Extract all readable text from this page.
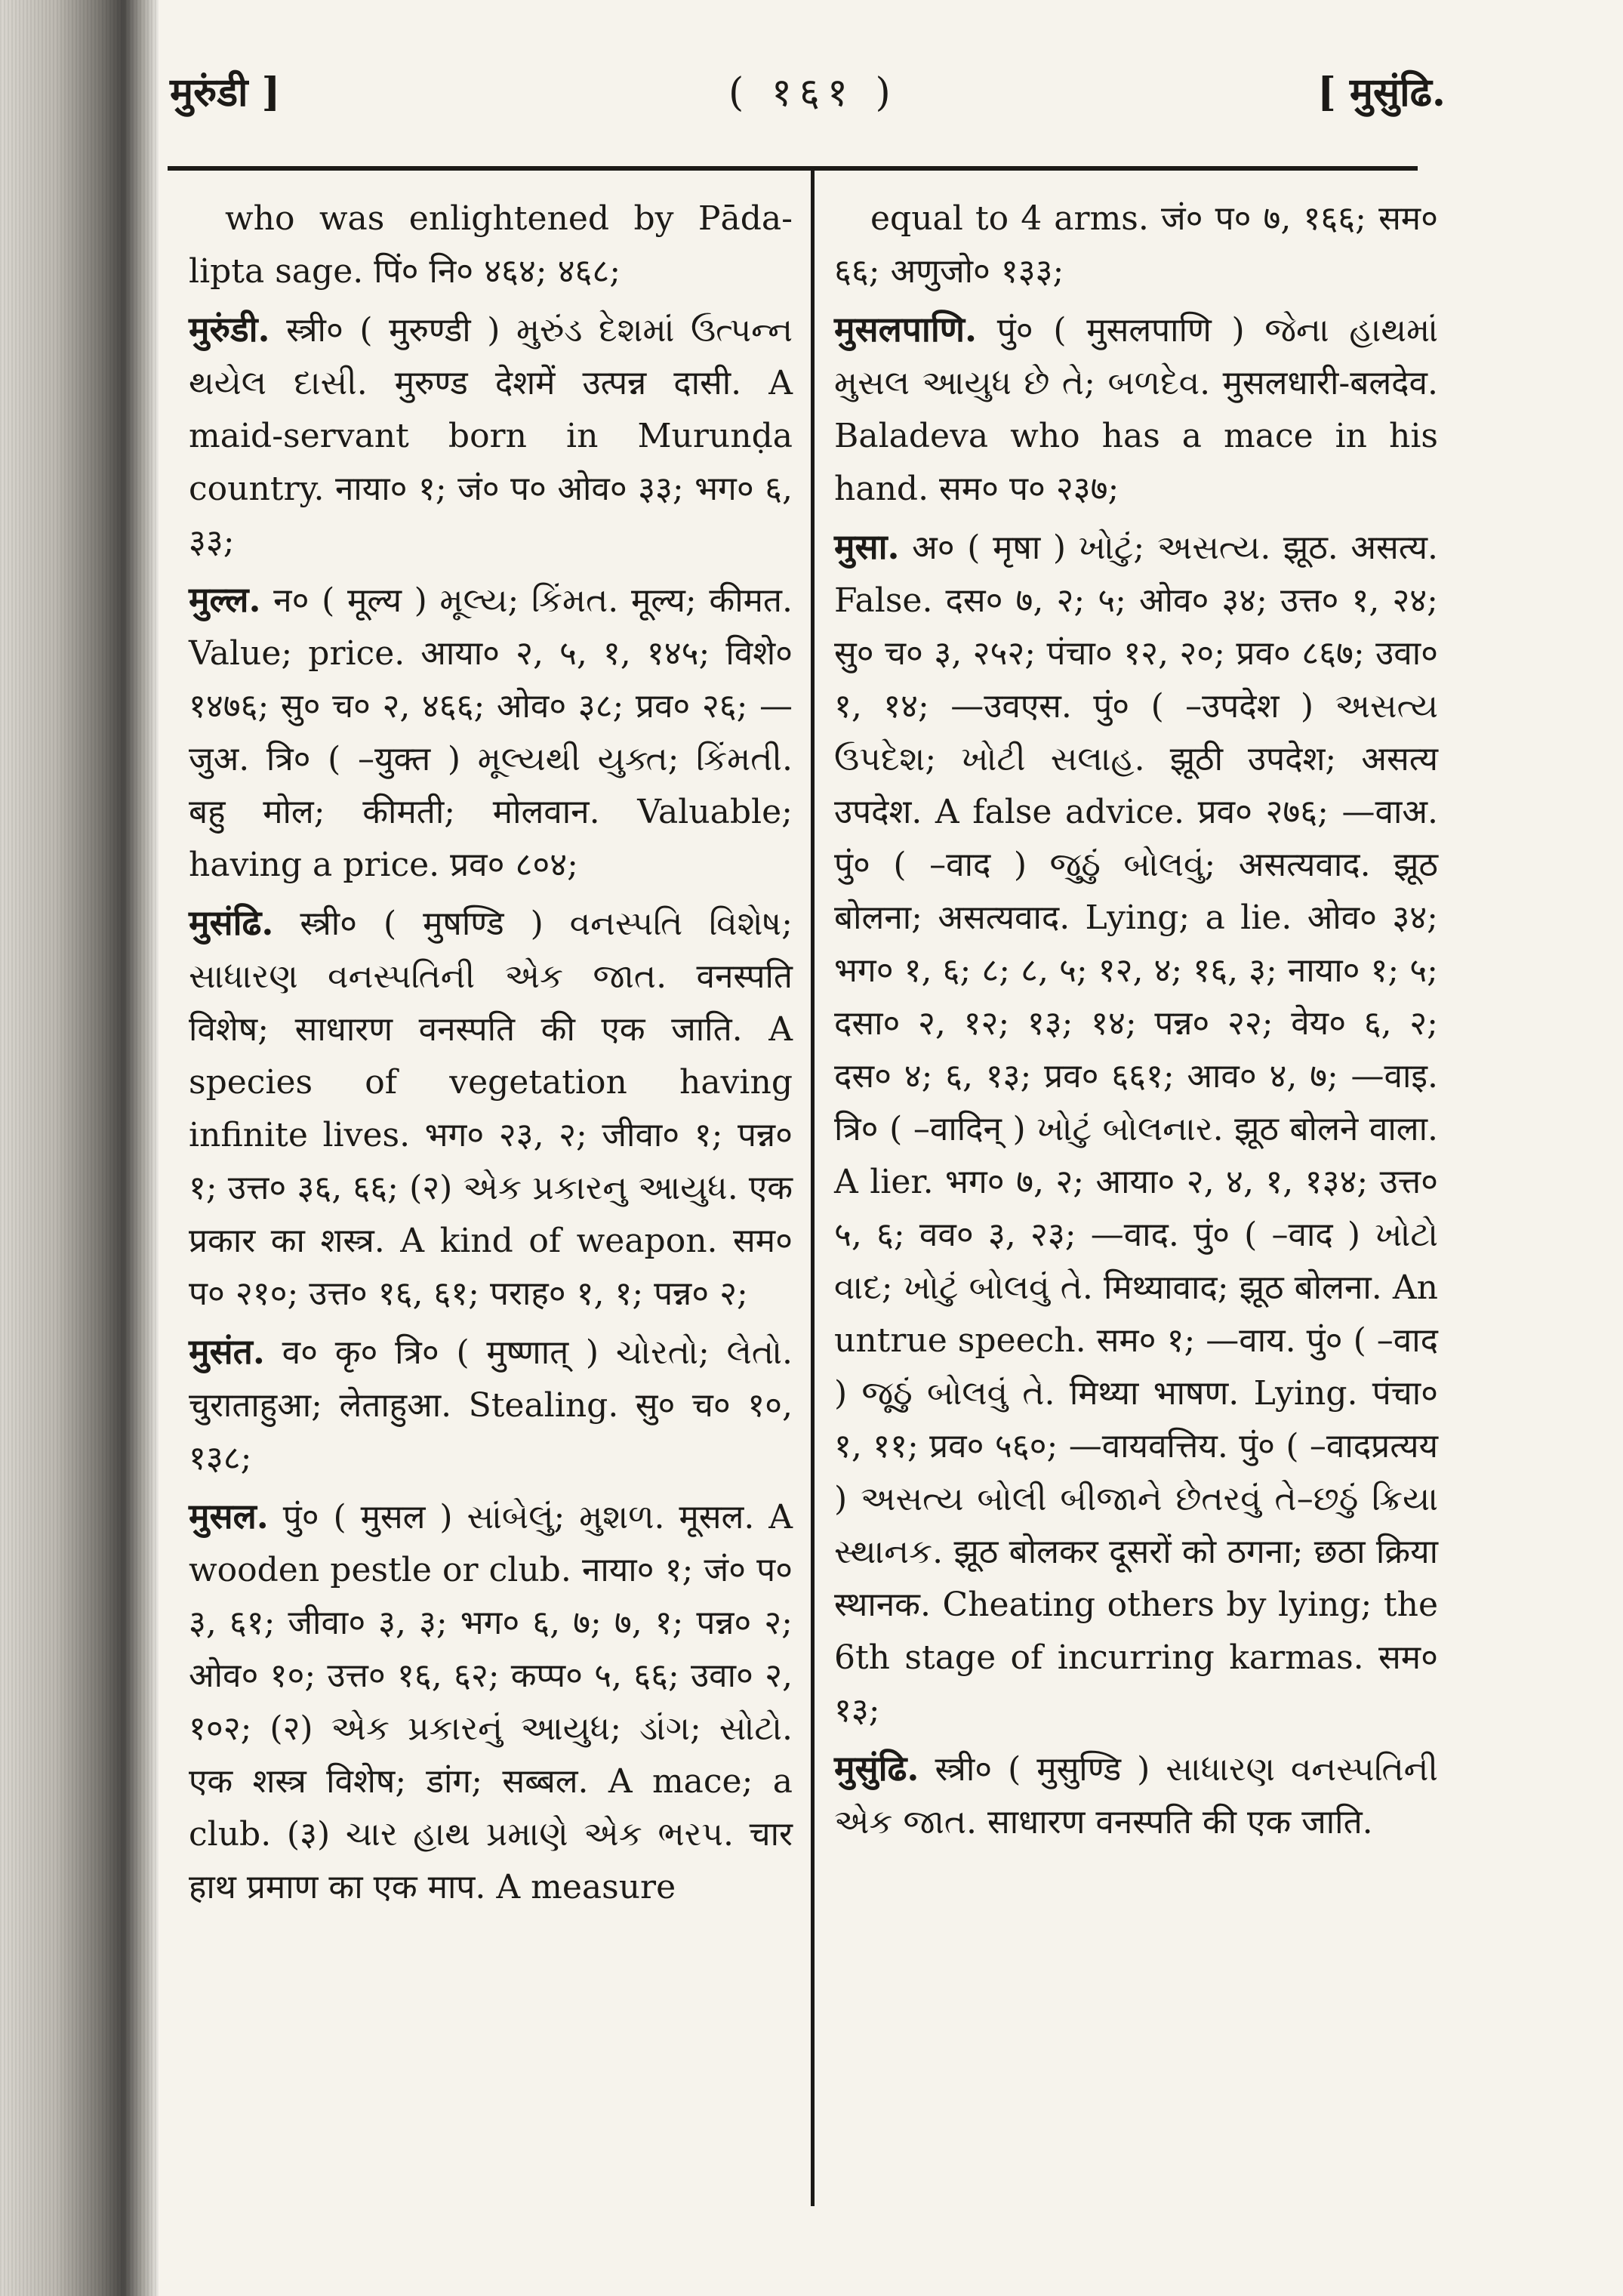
मुरुंडी ]	( १६१ )	[ मुसुंढि.

who was enlightened by Pāda-lipta sage. पिं० नि० ४६४; ४६८;

मुरुंडी. स्त्री० ( मुरुण्डी ) મુરુંડ દેશમાં ઉત્પન્ન થયેલ દાસી. मुरुण्ड देशमें उत्पन्न दासी. A maid-servant born in Murunḍa country. नाया० १; जं० प० ओव० ३३; भग० ६, ३३;

मुल्ल. न० ( मूल्य ) મૂલ્ય; કિંમત. मूल्य; कीमत. Value; price. आया० २, ५, १, १४५; विशे० १४७६; सु० च० २, ४६६; ओव० ३८; प्रव० २६; —जुअ. त्रि० ( –युक्त ) મૂલ્યથી યુક્ત; કિંમતી. बहु मोल; कीमती; मोलवान. Valuable; having a price. प्रव० ८०४;

मुसंढि. स्त्री० ( मुषण्डि ) વનસ્પતિ વિશેષ; સાધારણ વનસ્પતિની એક જાત. वनस्पति विशेष; साधारण वनस्पति की एक जाति. A species of vegetation having infinite lives. भग० २३, २; जीवा० १; पन्न० १; उत्त० ३६, ६६; (२) એક પ્રકારનુ આયુધ. एक प्रकार का शस्त्र. A kind of weapon. सम० प० २१०; उत्त० १६, ६१; पराह० १, १; पन्न० २;

मुसंत. व० कृ० त्रि० ( मुष्णात् ) ચોરતો; લેતો. चुराताहुआ; लेताहुआ. Stealing. सु० च० १०, १३८;

मुसल. पुं० ( मुसल ) સાંબેલું; મુશળ. मूसल. A wooden pestle or club. नाया० १; जं० प० ३, ६१; जीवा० ३, ३; भग० ६, ७; ७, १; पन्न० २; ओव० १०; उत्त० १६, ६२; कप्प० ५, ६६; उवा० २, १०२; (२) એક પ્રકારનું આયુધ; ડાંગ; સોટો. एक शस्त्र विशेष; डांग; सब्बल. A mace; a club. (३) ચાર હાથ પ્રમાણે એક ભરપ. चार हाथ प्रमाण का एक माप. A measure

equal to 4 arms. जं० प० ७, १६६; सम० ६६; अणुजो० १३३;

मुसलपाणि. पुं० ( मुसलपाणि ) જેના હાથમાં મુસલ આયુધ છે તે; બળદેવ. मुसलधारी-बलदेव. Baladeva who has a mace in his hand. सम० प० २३७;

मुसा. अ० ( मृषा ) ખોટું; અસત્ય. झूठ. असत्य. False. दस० ७, २; ५; ओव० ३४; उत्त० १, २४; सु० च० ३, २५२; पंचा० १२, २०; प्रव० ८६७; उवा० १, १४; —उवएस. पुं० ( –उपदेश ) અસત્ય ઉપદેશ; ખોટી સલાહ. झूठी उपदेश; असत्य उपदेश. A false advice. प्रव० २७६; —वाअ. पुं० ( –वाद ) જુઠું બોલવું; असत्यवाद. झूठ बोलना; असत्यवाद. Lying; a lie. ओव० ३४; भग० १, ६; ८; ८, ५; १२, ४; १६, ३; नाया० १; ५; दसा० २, १२; १३; १४; पन्न० २२; वेय० ६, २; दस० ४; ६, १३; प्रव० ६६१; आव० ४, ७; —वाइ. त्रि० ( –वादिन् ) ખોટું બોલનાર. झूठ बोलने वाला. A lier. भग० ७, २; आया० २, ४, १, १३४; उत्त० ५, ६; वव० ३, २३; —वाद. पुं० ( –वाद ) ખોટો વાદ; ખોટું બોલવું તે. मिथ्यावाद; झूठ बोलना. An untrue speech. सम० १; —वाय. पुं० ( –वाद ) જૂઠું બોલવું તે. मिथ्या भाषण. Lying. पंचा० १, ११; प्रव० ५६०; —वायवत्तिय. पुं० ( –वादप्रत्यय ) અસત્ય બોલી બીજાને છેતરવું તે–છઠું ક્રિયા સ્થાનક. झूठ बोलकर दूसरों को ठगना; छठा क्रिया स्थानक. Cheating others by lying; the 6th stage of incurring karmas. सम० १३;

मुसुंढि. स्त्री० ( मुसुण्डि ) સાધારણ વનસ્પતિની એક જાત. साधारण वनस्पति की एक जाति.
